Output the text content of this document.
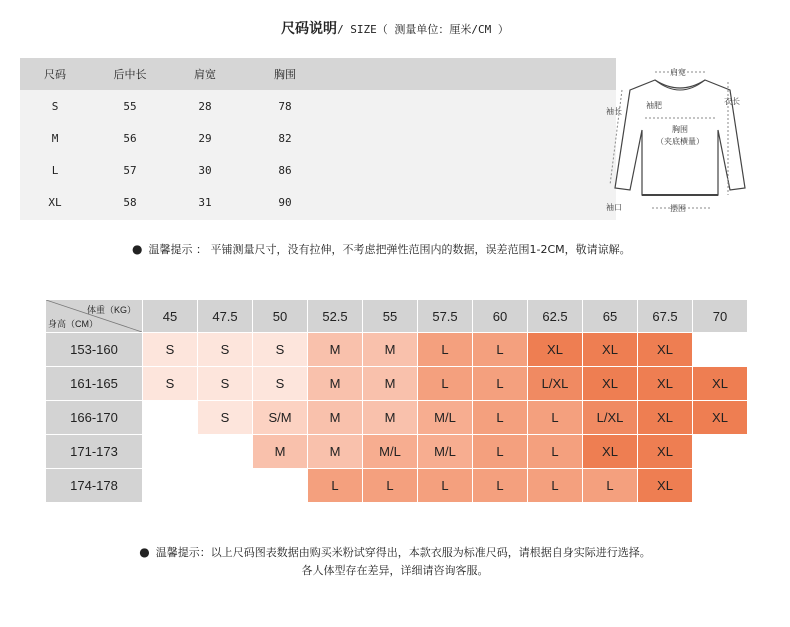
尺码说明/ SIZE（ 测量单位：厘米/CM ）
尺码	后中长	肩宽	胸围
S	55	28	78
M	56	29	82
L	57	30	86
XL	58	31	90
肩宽
袖肥
袖长
衣长
胸围
（夹底横量）
袖口	摆围
● 温馨提示 ： 平铺测量尺寸，没有拉伸，不考虑把弹性范围内的数据，误差范围1-2CM，敬请谅解。
体重（KG）
身高（CM）	45	47.5	50	52.5	55	57.5	60	62.5	65	67.5	70
153-160	S	S	S	M	M	L	L	XL	XL	XL	
161-165	S	S	S	M	M	L	L	L/XL	XL	XL	XL
166-170		S	S/M	M	M	M/L	L	L	L/XL	XL	XL
171-173			M	M	M/L	M/L	L	L	XL	XL	
174-178				L	L	L	L	L	L	XL	
● 温馨提示：以上尺码图表数据由购买米粉试穿得出，本款衣服为标准尺码，请根据自身实际进行选择。
各人体型存在差异，详细请咨询客服。
